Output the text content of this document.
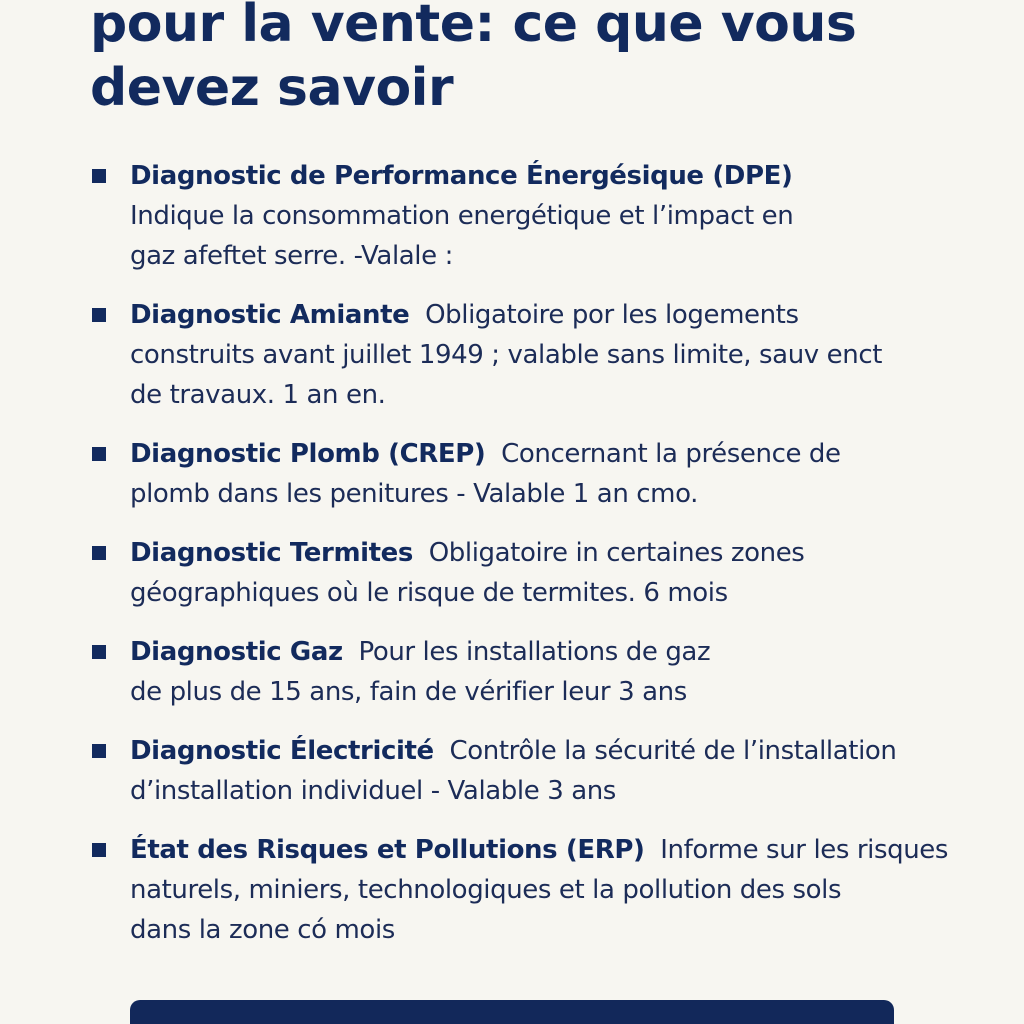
pour la vente: ce que vous
devez savoir
Diagnostic de Performance Énergésique (DPE)
Indique la consommation energétique et l’impact en
gaz afeftet serre. -Valale :
Diagnostic Amiante Obligatoire por les logements
construits avant juillet 1949 ; valable sans limite, sauv enct
de travaux. 1 an en.
Diagnostic Plomb (CREP) Concernant la présence de
plomb dans les penitures - Valable 1 an cmo.
Diagnostic Termites Obligatoire in certaines zones
géographiques où le risque de termites. 6 mois
Diagnostic Gaz Pour les installations de gaz
de plus de 15 ans, fain de vérifier leur 3 ans
Diagnostic Électricité Contrôle la sécurité de l’installation
d’installation individuel - Valable 3 ans
État des Risques et Pollutions (ERP) Informe sur les risques
naturels, miniers, technologiques et la pollution des sols
dans la zone có mois
